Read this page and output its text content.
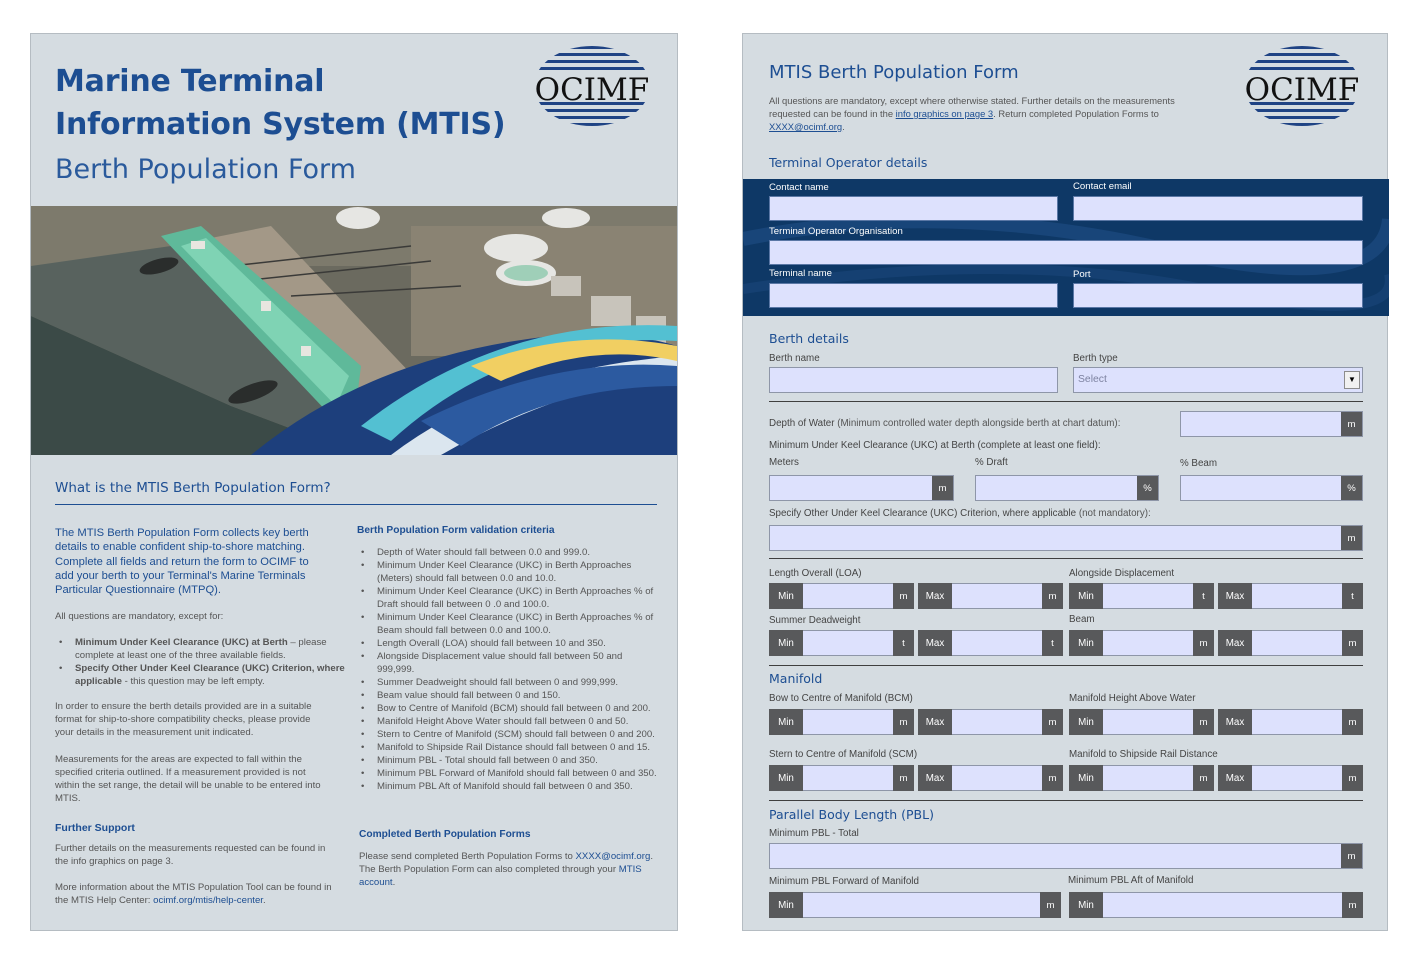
Marine Terminal Information System (MTIS)
Berth Population Form
OCIMF
What is the MTIS Berth Population Form?
The MTIS Berth Population Form collects key berth details to enable confident ship-to-shore matching. Complete all fields and return the form to OCIMF to add your berth to your Terminal's Marine Terminals Particular Questionnaire (MTPQ).
All questions are mandatory, except for:
• Minimum Under Keel Clearance (UKC) at Berth – please complete at least one of the three available fields.
• Specify Other Under Keel Clearance (UKC) Criterion, where applicable - this question may be left empty.
In order to ensure the berth details provided are in a suitable format for ship-to-shore compatibility checks, please provide your details in the measurement unit indicated.
Measurements for the areas are expected to fall within the specified criteria outlined. If a measurement provided is not within the set range, the detail will be unable to be entered into MTIS.
Further Support
Further details on the measurements requested can be found in the info graphics on page 3.
More information about the MTIS Population Tool can be found in the MTIS Help Center: ocimf.org/mtis/help-center.
Berth Population Form validation criteria
• Depth of Water should fall between 0.0 and 999.0.
• Minimum Under Keel Clearance (UKC) in Berth Approaches (Meters) should fall between 0.0 and 10.0.
• Minimum Under Keel Clearance (UKC) in Berth Approaches % of Draft should fall between 0 .0 and 100.0.
• Minimum Under Keel Clearance (UKC) in Berth Approaches % of Beam should fall between 0.0 and 100.0.
• Length Overall (LOA) should fall between 10 and 350.
• Alongside Displacement value should fall between 50 and 999,999.
• Summer Deadweight should fall between 0 and 999,999.
• Beam value should fall between 0 and 150.
• Bow to Centre of Manifold (BCM) should fall between 0 and 200.
• Manifold Height Above Water should fall between 0 and 50.
• Stern to Centre of Manifold (SCM) should fall between 0 and 200.
• Manifold to Shipside Rail Distance should fall between 0 and 15.
• Minimum PBL - Total should fall between 0 and 350.
• Minimum PBL Forward of Manifold should fall between 0 and 350.
• Minimum PBL Aft of Manifold should fall between 0 and 350.
Completed Berth Population Forms
Please send completed Berth Population Forms to XXXX@ocimf.org. The Berth Population Form can also completed through your MTIS account.
MTIS Berth Population Form
All questions are mandatory, except where otherwise stated. Further details on the measurements requested can be found in the info graphics on page 3. Return completed Population Forms to XXXX@ocimf.org.
OCIMF
Terminal Operator details
Contact name	Contact email
Terminal Operator Organisation
Terminal name	Port
Berth details
Berth name	Berth type
Select	▼
Depth of Water (Minimum controlled water depth alongside berth at chart datum):	m
Minimum Under Keel Clearance (UKC) at Berth (complete at least one field):
Meters	% Draft	% Beam
m	%	%
Specify Other Under Keel Clearance (UKC) Criterion, where applicable (not mandatory):
m
Length Overall (LOA)	Alongside Displacement
Min	m	Max	m	Min	t	Max	t
Summer Deadweight	Beam
Min	t	Max	t	Min	m	Max	m
Manifold
Bow to Centre of Manifold (BCM)	Manifold Height Above Water
Min	m	Max	m	Min	m	Max	m
Stern to Centre of Manifold (SCM)	Manifold to Shipside Rail Distance
Min	m	Max	m	Min	m	Max	m
Parallel Body Length (PBL)
Minimum PBL - Total
m
Minimum PBL Forward of Manifold	Minimum PBL Aft of Manifold
Min	m	Min	m
